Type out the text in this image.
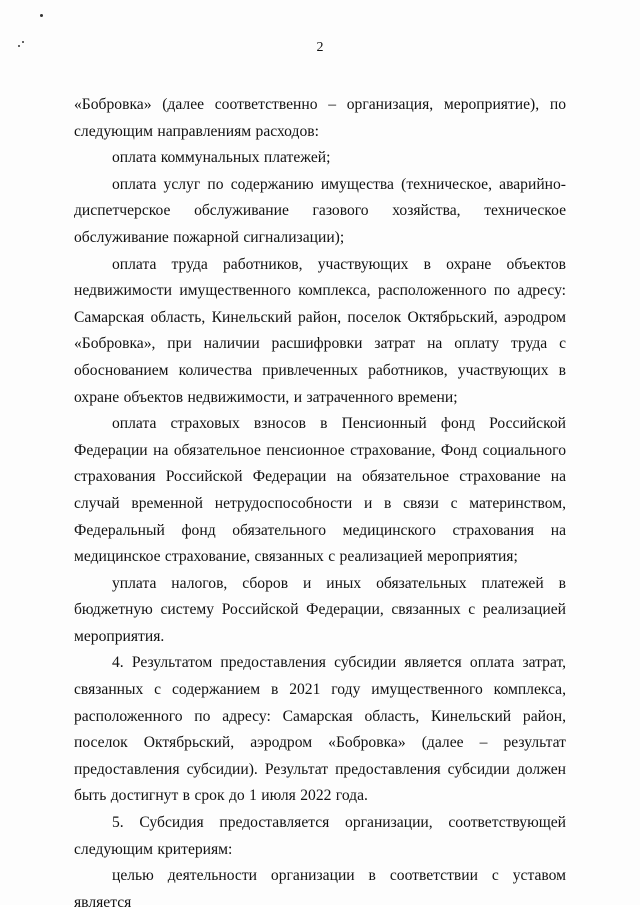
2

«Бобровка» (далее соответственно – организация, мероприятие), по следующим направлениям расходов:

оплата коммунальных платежей;

оплата услуг по содержанию имущества (техническое, аварийно-диспетчерское обслуживание газового хозяйства, техническое обслуживание пожарной сигнализации);

оплата труда работников, участвующих в охране объектов недвижимости имущественного комплекса, расположенного по адресу: Самарская область, Кинельский район, поселок Октябрьский, аэродром «Бобровка», при наличии расшифровки затрат на оплату труда с обоснованием количества привлеченных работников, участвующих в охране объектов недвижимости, и затраченного времени;

оплата страховых взносов в Пенсионный фонд Российской Федерации на обязательное пенсионное страхование, Фонд социального страхования Российской Федерации на обязательное страхование на случай временной нетрудоспособности и в связи с материнством, Федеральный фонд обязательного медицинского страхования на медицинское страхование, связанных с реализацией мероприятия;

уплата налогов, сборов и иных обязательных платежей в бюджетную систему Российской Федерации, связанных с реализацией мероприятия.

4. Результатом предоставления субсидии является оплата затрат, связанных с содержанием в 2021 году имущественного комплекса, расположенного по адресу: Самарская область, Кинельский район, поселок Октябрьский, аэродром «Бобровка» (далее – результат предоставления субсидии). Результат предоставления субсидии должен быть достигнут в срок до 1 июля 2022 года.

5. Субсидия предоставляется организации, соответствующей следующим критериям:

целью деятельности организации в соответствии с уставом является
